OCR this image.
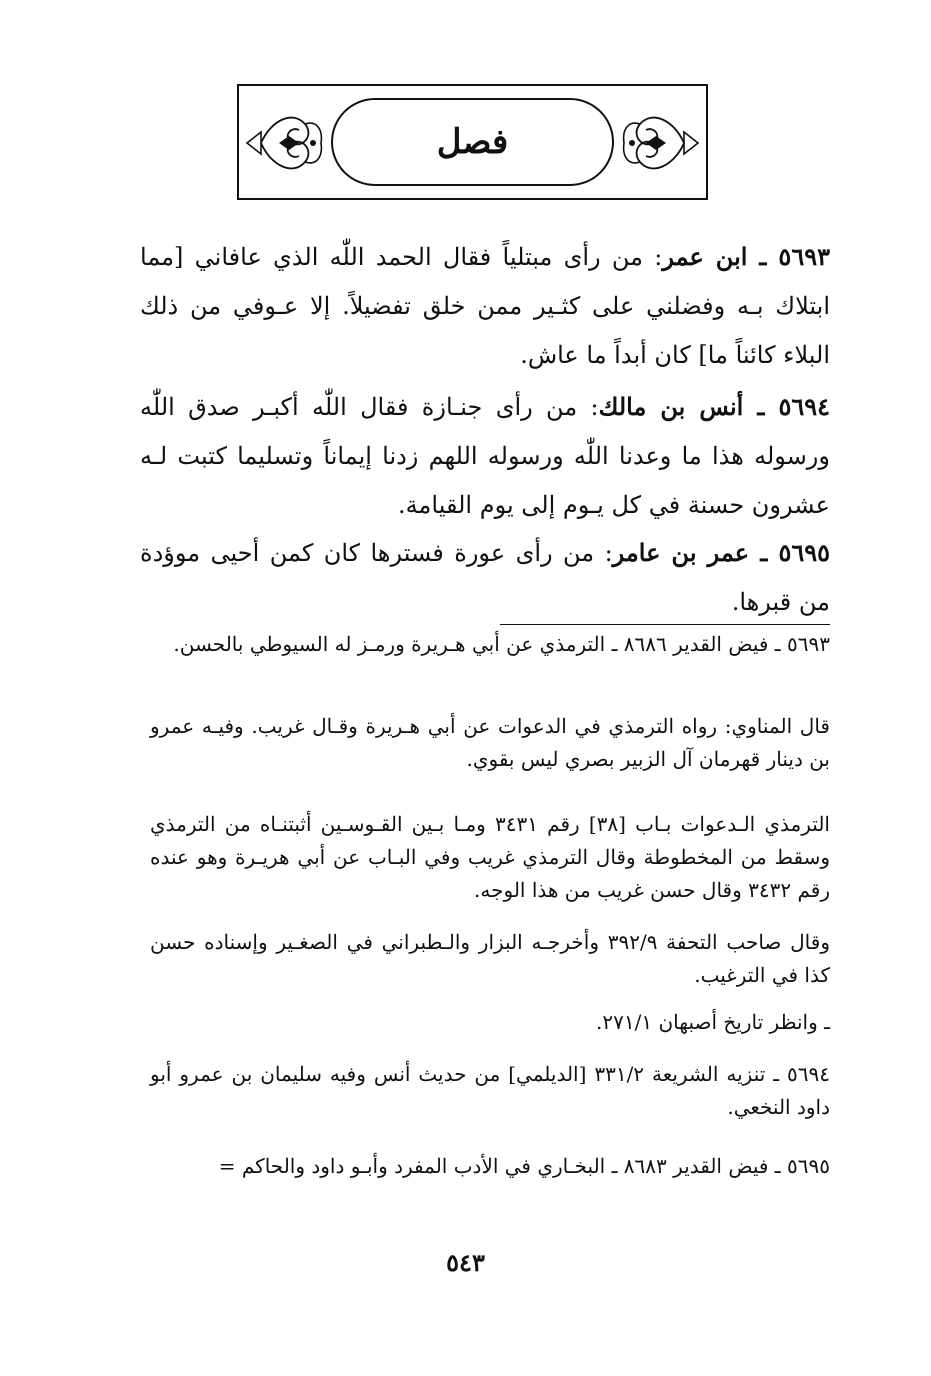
فصل

٥٦٩٣ ـ ابن عمر: من رأى مبتلياً فقال الحمد اللّٰه الذي عافاني [مما ابتلاك بـه وفضلني على كثـير ممن خلق تفضيلاً. إلا عـوفي من ذلك البلاء كائناً ما] كان أبداً ما عاش.

٥٦٩٤ ـ أنس بن مالك: من رأى جنـازة فقال اللّٰه أكبـر صدق اللّٰه ورسوله هذا ما وعدنا اللّٰه ورسوله اللهم زدنا إيماناً وتسليما كتبت لـه عشرون حسنة في كل يـوم إلى يوم القيامة.

٥٦٩٥ ـ عمر بن عامر: من رأى عورة فسترها كان كمن أحيى موؤدة من قبرها.

٥٦٩٣ ـ فيض القدير ٨٦٨٦ ـ الترمذي عن أبي هـريرة ورمـز له السيوطي بالحسن.

قال المناوي: رواه الترمذي في الدعوات عن أبي هـريرة وقـال غريب. وفيـه عمرو بن دينار قهرمان آل الزبير بصري ليس بقوي.

الترمذي الـدعوات بـاب [٣٨] رقم ٣٤٣١ ومـا بـين القـوسـين أثبتنـاه من الترمذي وسقط من المخطوطة وقال الترمذي غريب وفي البـاب عن أبي هريـرة وهو عنده رقم ٣٤٣٢ وقال حسن غريب من هذا الوجه.

وقال صاحب التحفة ٣٩٢/٩ وأخرجـه البزار والـطبراني في الصغـير وإسناده حسن كذا في الترغيب.

ـ وانظر تاريخ أصبهان ٢٧١/١.

٥٦٩٤ ـ تنزيه الشريعة ٣٣١/٢ [الديلمي] من حديث أنس وفيه سليمان بن عمرو أبو داود النخعي.

٥٦٩٥ ـ فيض القدير ٨٦٨٣ ـ البخـاري في الأدب المفرد وأبـو داود والحاكم =

٥٤٣
